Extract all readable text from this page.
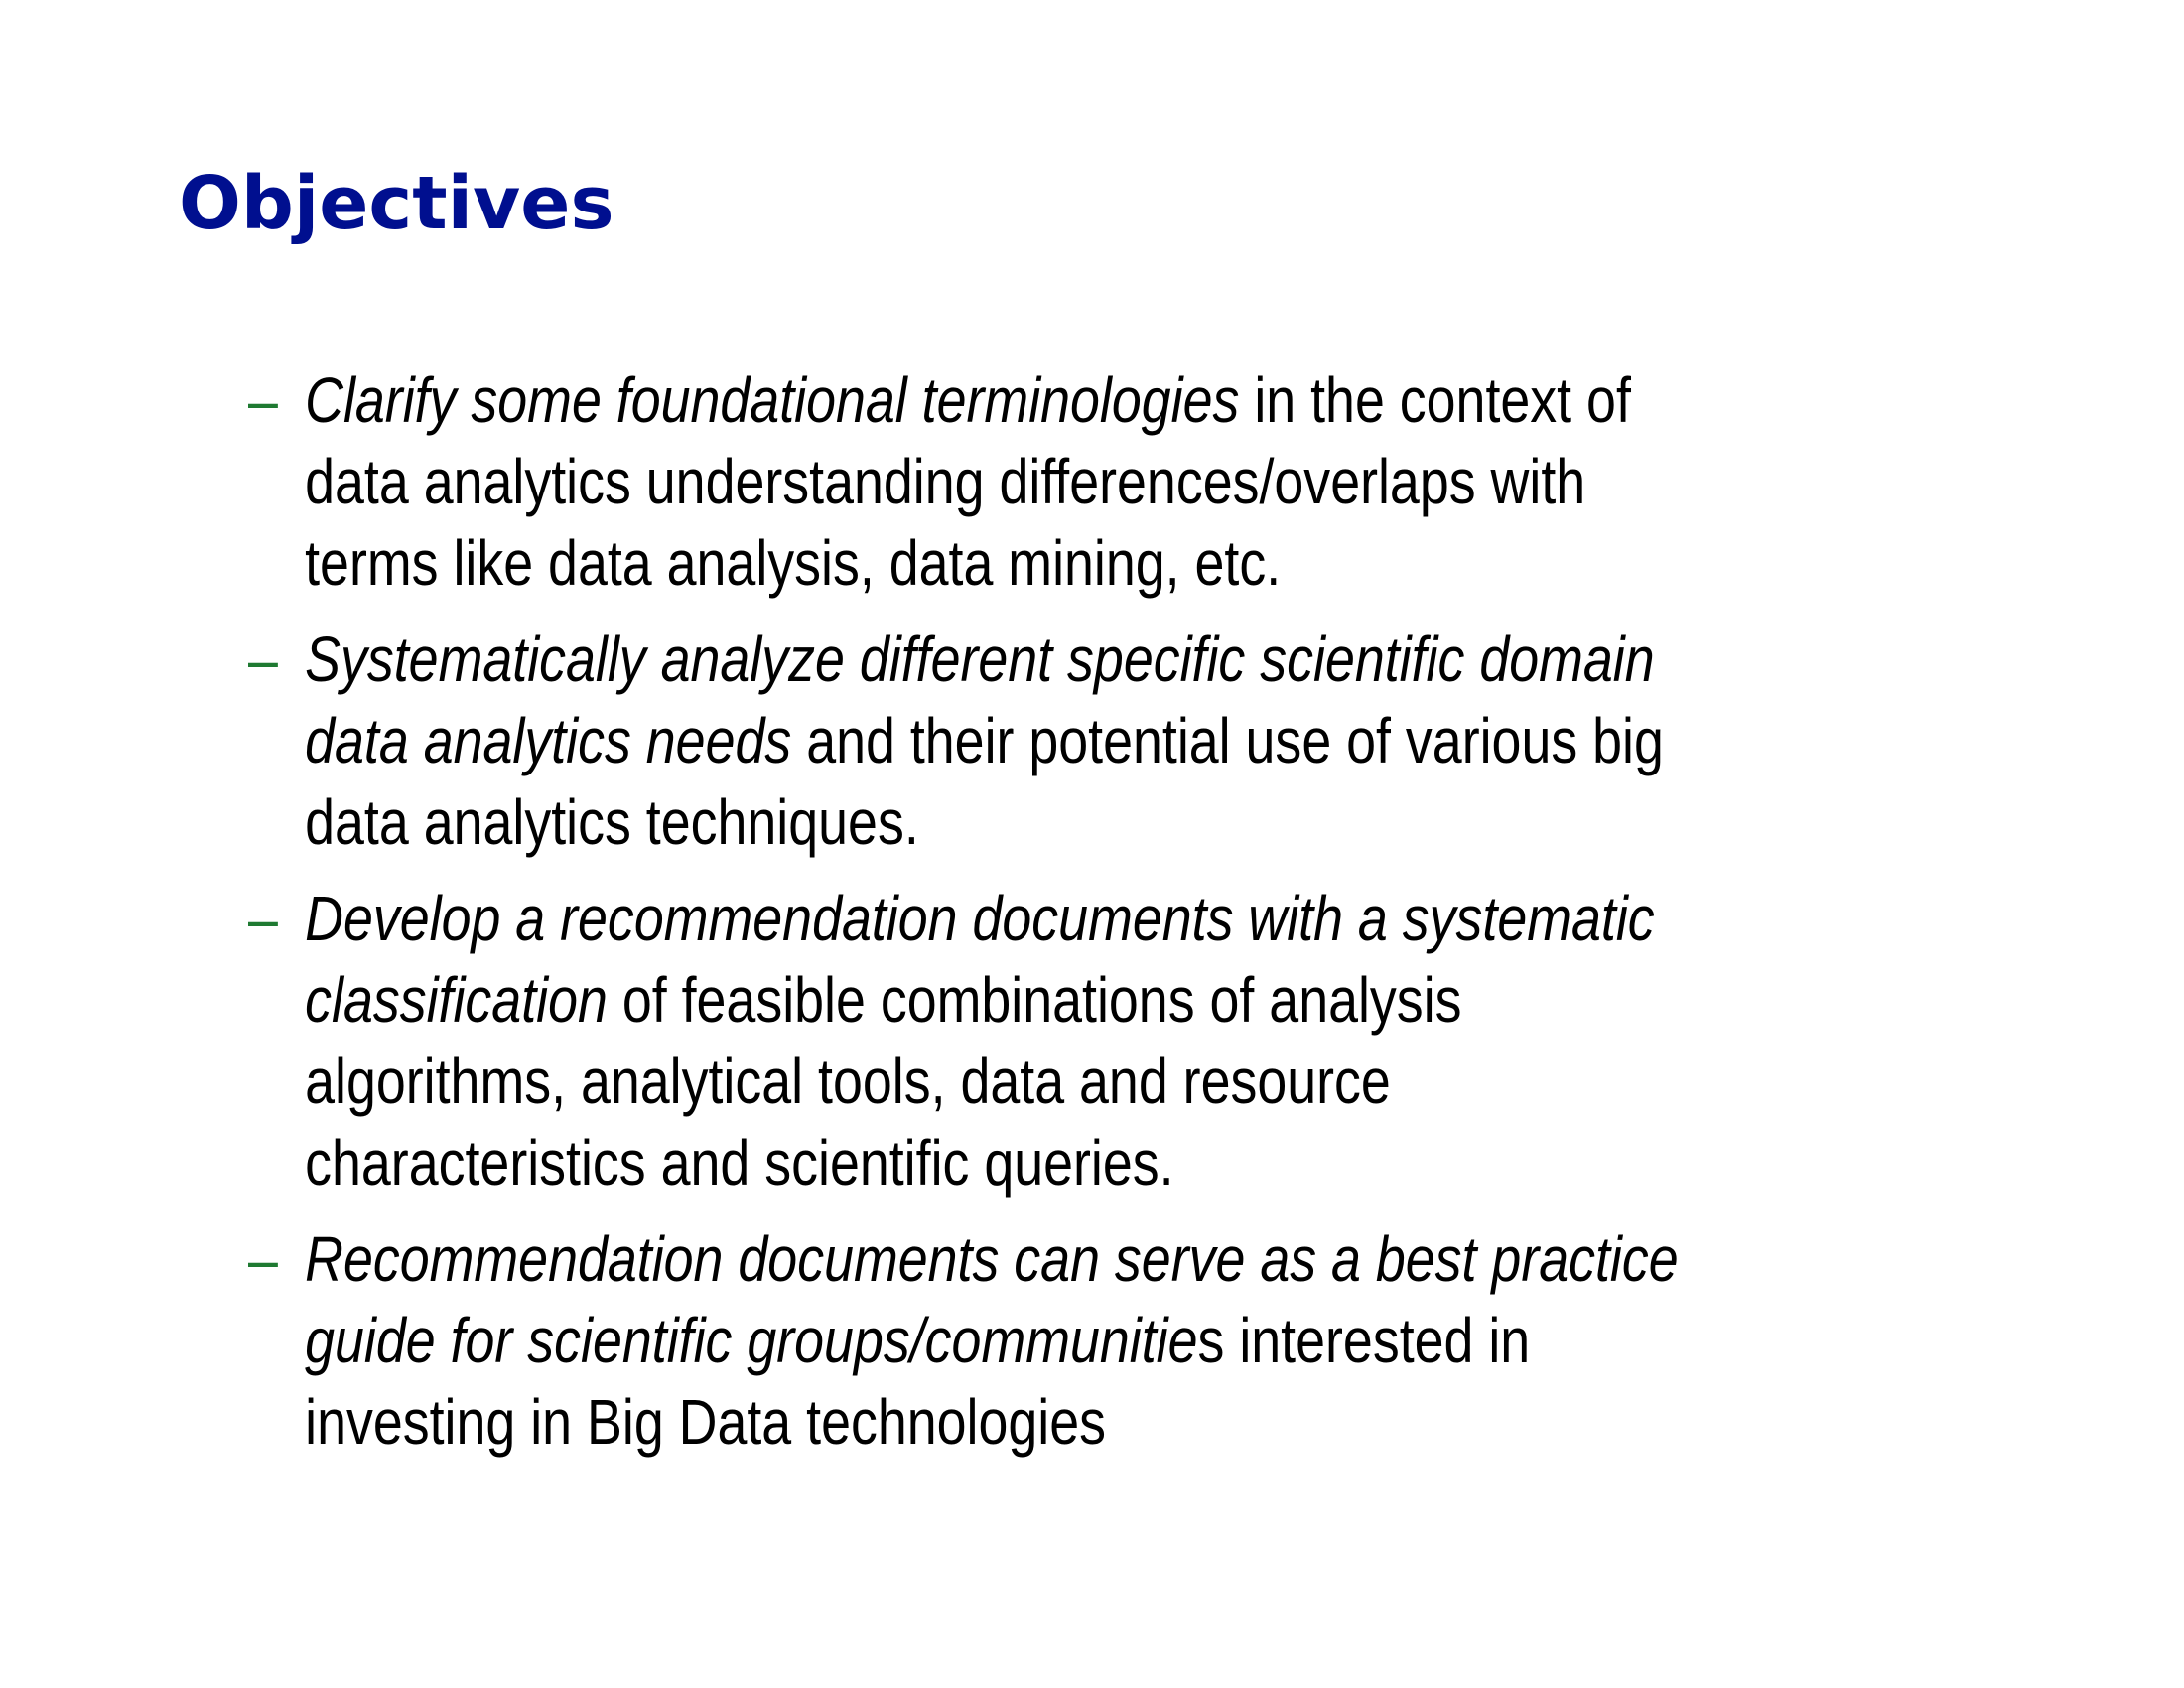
Objectives
– Clarify some foundational terminologies in the context of
data analytics understanding differences/overlaps with
terms like data analysis, data mining, etc.
– Systematically analyze different specific scientific domain
data analytics needs and their potential use of various big
data analytics techniques.
– Develop a recommendation documents with a systematic
classification of feasible combinations of analysis
algorithms, analytical tools, data and resource
characteristics and scientific queries.
– Recommendation documents can serve as a best practice
guide for scientific groups/communities interested in
investing in Big Data technologies
